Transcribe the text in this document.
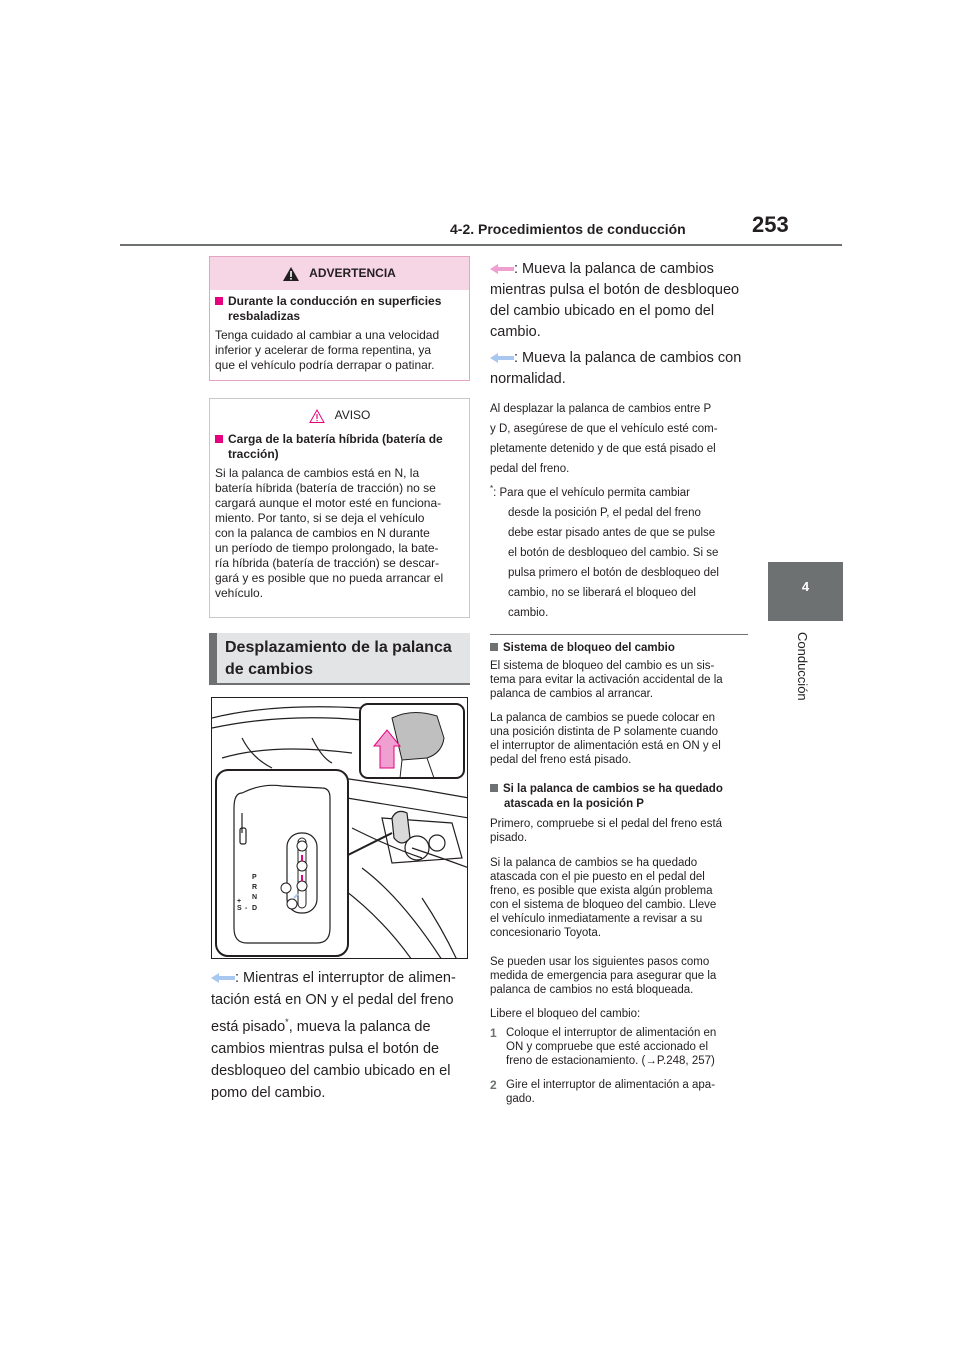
4-2. Procedimientos de conducción	253
4
Conducción
ADVERTENCIA
Durante la conducción en superficies
resbaladizas
Tenga cuidado al cambiar a una velocidad
inferior y acelerar de forma repentina, ya
que el vehículo podría derrapar o patinar.
AVISO
Carga de la batería híbrida (batería de
tracción)
Si la palanca de cambios está en N, la
batería híbrida (batería de tracción) no se
cargará aunque el motor esté en funciona-
miento. Por tanto, si se deja el vehículo
con la palanca de cambios en N durante
un período de tiempo prolongado, la bate-
ría híbrida (batería de tracción) se descar-
gará y es posible que no pueda arrancar el
vehículo.
Desplazamiento de la palanca
de cambios
P
R
N
D
S
+
-
: Mientras el interruptor de alimen-
tación está en ON y el pedal del freno
está pisado*, mueva la palanca de
cambios mientras pulsa el botón de
desbloqueo del cambio ubicado en el
pomo del cambio.
: Mueva la palanca de cambios
mientras pulsa el botón de desbloqueo
del cambio ubicado en el pomo del
cambio.
: Mueva la palanca de cambios con
normalidad.
Al desplazar la palanca de cambios entre P
y D, asegúrese de que el vehículo esté com-
pletamente detenido y de que está pisado el
pedal del freno.
*: Para que el vehículo permita cambiar
desde la posición P, el pedal del freno
debe estar pisado antes de que se pulse
el botón de desbloqueo del cambio. Si se
pulsa primero el botón de desbloqueo del
cambio, no se liberará el bloqueo del
cambio.
Sistema de bloqueo del cambio
El sistema de bloqueo del cambio es un sis-
tema para evitar la activación accidental de la
palanca de cambios al arrancar.
La palanca de cambios se puede colocar en
una posición distinta de P solamente cuando
el interruptor de alimentación está en ON y el
pedal del freno está pisado.
Si la palanca de cambios se ha quedado
atascada en la posición P
Primero, compruebe si el pedal del freno está
pisado.
Si la palanca de cambios se ha quedado
atascada con el pie puesto en el pedal del
freno, es posible que exista algún problema
con el sistema de bloqueo del cambio. Lleve
el vehículo inmediatamente a revisar a su
concesionario Toyota.
Se pueden usar los siguientes pasos como
medida de emergencia para asegurar que la
palanca de cambios no está bloqueada.
Libere el bloqueo del cambio:
1 Coloque el interruptor de alimentación en
ON y compruebe que esté accionado el
freno de estacionamiento. (→P.248, 257)
2 Gire el interruptor de alimentación a apa-
gado.
